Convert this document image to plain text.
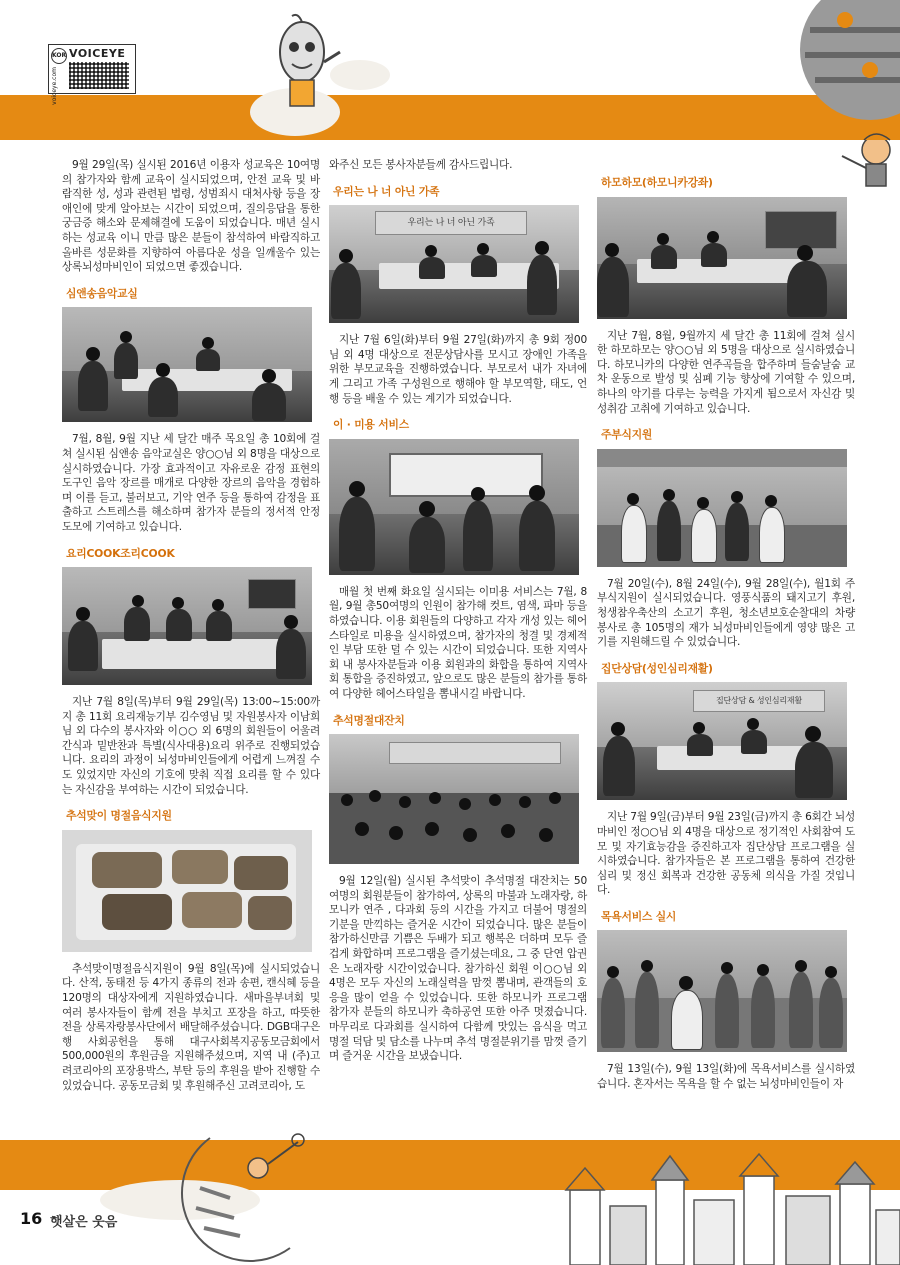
KOR
voiceye.com
VOICEYE

9월 29일(목) 실시된 2016년 이용자 성교육은 10여명의 참가자와 함께 교육이 실시되었으며, 안전 교육 및 바람직한 성, 성과 관련된 법령, 성범죄시 대처사항 등을 장애인에 맞게 알아보는 시간이 되었으며, 질의응답을 통한 궁금증 해소와 문제해결에 도움이 되었습니다. 매년 실시하는 성교육 이니 만큼 많은 분들이 참석하여 바람직하고 올바른 성문화를 지향하여 아름다운 성을 일깨울수 있는 상록뇌성마비인이 되었으면 좋겠습니다.

심앤송음악교실

7월, 8월, 9월 지난 세 달간 매주 목요일 총 10회에 걸쳐 실시된 심앤송 음악교실은 양○○님 외 8명을 대상으로 실시하였습니다. 가장 효과적이고 자유로운 감정 표현의 도구인 음악 장르를 매개로 다양한 장르의 음악을 경험하며 이를 듣고, 불러보고, 기악 연주 등을 통하여 감정을 표출하고 스트레스를 해소하며 참가자 분들의 정서적 안정 도모에 기여하고 있습니다.

요리COOK조리COOK

지난 7월 8일(목)부터 9월 29일(목) 13:00~15:00까지 총 11회 요리재능기부 김수영님 및 자원봉사자 이남희님 외 다수의 봉사자와 이○○ 외 6명의 회원들이 어울려 간식과 밑반찬과 특별(식사대용)요리 위주로 진행되었습니다. 요리의 과정이 뇌성마비인들에게 어렵게 느껴질 수도 있었지만 자신의 기호에 맞춰 직접 요리를 할 수 있다는 자신감을 부여하는 시간이 되었습니다.

추석맞이 명절음식지원

추석맞이명절음식지원이 9월 8일(목)에 실시되었습니다. 산적, 동태전 등 4가지 종류의 전과 송편, 캔식혜 등을 120명의 대상자에게 지원하였습니다. 새마을부녀회 및 여러 봉사자들이 함께 전을 부치고 포장을 하고, 따뜻한 전을 상록자랑봉사단에서 배달해주셨습니다. DGB대구은행 사회공헌을 통해 대구사회복지공동모금회에서 500,000원의 후원금을 지원해주셨으며, 지역 내 (주)고려코리아의 포장용박스, 부탄 등의 후원을 받아 진행할 수 있었습니다. 공동모금회 및 후원해주신 고려코리아, 도

와주신 모든 봉사자분들께 감사드립니다.

우리는 나 너 아닌 가족
우리는 나 너 아닌 가족

지난 7월 6일(화)부터 9월 27일(화)까지 총 9회 정00님 외 4명 대상으로 전문상담사를 모시고 장애인 가족을 위한 부모교육을 진행하였습니다. 부모로서 내가 자녀에게 그리고 가족 구성원으로 행해야 할 부모역할, 태도, 언행 등을 배울 수 있는 계기가 되었습니다.

이 · 미용 서비스

매월 첫 번째 화요일 실시되는 이미용 서비스는 7월, 8월, 9월 총50여명의 인원이 참가해 컷트, 염색, 파마 등을 하였습니다. 이용 회원들의 다양하고 각자 개성 있는 헤어스타일로 미용을 실시하였으며, 참가자의 청결 및 경제적인 부담 또한 덜 수 있는 시간이 되었습니다. 또한 지역사회 내 봉사자분들과 이용 회원과의 화합을 통하여 지역사회 통합을 증진하였고, 앞으로도 많은 분들의 참가를 통하여 다양한 헤어스타일을 뽐내시길 바랍니다.

추석명절대잔치

9월 12일(월) 실시된 추석맞이 추석명절 대잔치는 50여명의 회원분들이 참가하여, 상록의 마불과 노래자랑, 하모니카 연주 , 다과회 등의 시간을 가지고 더불어 명절의 기분을 만끽하는 즐거운 시간이 되었습니다. 많은 분들이 참가하신만큼 기쁨은 두배가 되고 행복은 더하며 모두 즐겁게 화합하며 프로그램을 즐기셨는데요, 그 중 단연 압권은 노래자랑 시간이었습니다. 참가하신 회원 이○○님 외 4명은 모두 자신의 노래실력을 맘껏 뽐내며, 관객들의 호응을 많이 얻을 수 있었습니다. 또한 하모니카 프로그램 참가자 분들의 하모니카 축하공연 또한 아주 멋졌습니다. 마무리로 다과회를 실시하여 다함께 맛있는 음식을 먹고 명절 덕담 및 담소를 나누며 추석 명절분위기를 맘껏 즐기며 즐거운 시간을 보냈습니다.

하모하모(하모니카강좌)

지난 7월, 8월, 9월까지 세 달간 총 11회에 걸쳐 실시한 하모하모는 양○○님 외 5명을 대상으로 실시하였습니다. 하모니카의 다양한 연주곡들을 합주하며 들숨날숨 교차 운동으로 발성 및 심폐 기능 향상에 기여할 수 있으며, 하나의 악기를 다루는 능력을 가지게 됨으로서 자신감 및 성취감 고취에 기여하고 있습니다.

주부식지원

7월 20일(수), 8월 24일(수), 9월 28일(수), 월1회 주부식지원이 실시되었습니다. 영풍식품의 돼지고기 후원, 청생참우축산의 소고기 후원, 청소년보호순찰대의 차량 봉사로 총 105명의 재가 뇌성마비인들에게 영양 많은 고기를 지원해드릴 수 있었습니다.

집단상담(성인심리재활)
집단상담 & 성인심리재활

지난 7월 9일(금)부터 9월 23일(금)까지 총 6회간 뇌성마비인 정○○님 외 4명을 대상으로 정기적인 사회참여 도모 및 자기효능감을 증진하고자 집단상담 프로그램을 실시하였습니다. 참가자들은 본 프로그램을 통하여 건강한 심리 및 정신 회복과 건강한 공동체 의식을 가질 것입니다.

목욕서비스 실시

7월 13일(수), 9월 13일(화)에 목욕서비스를 실시하였습니다. 혼자서는 목욕을 할 수 없는 뇌성마비인들이 자

16 햇살은 웃음
